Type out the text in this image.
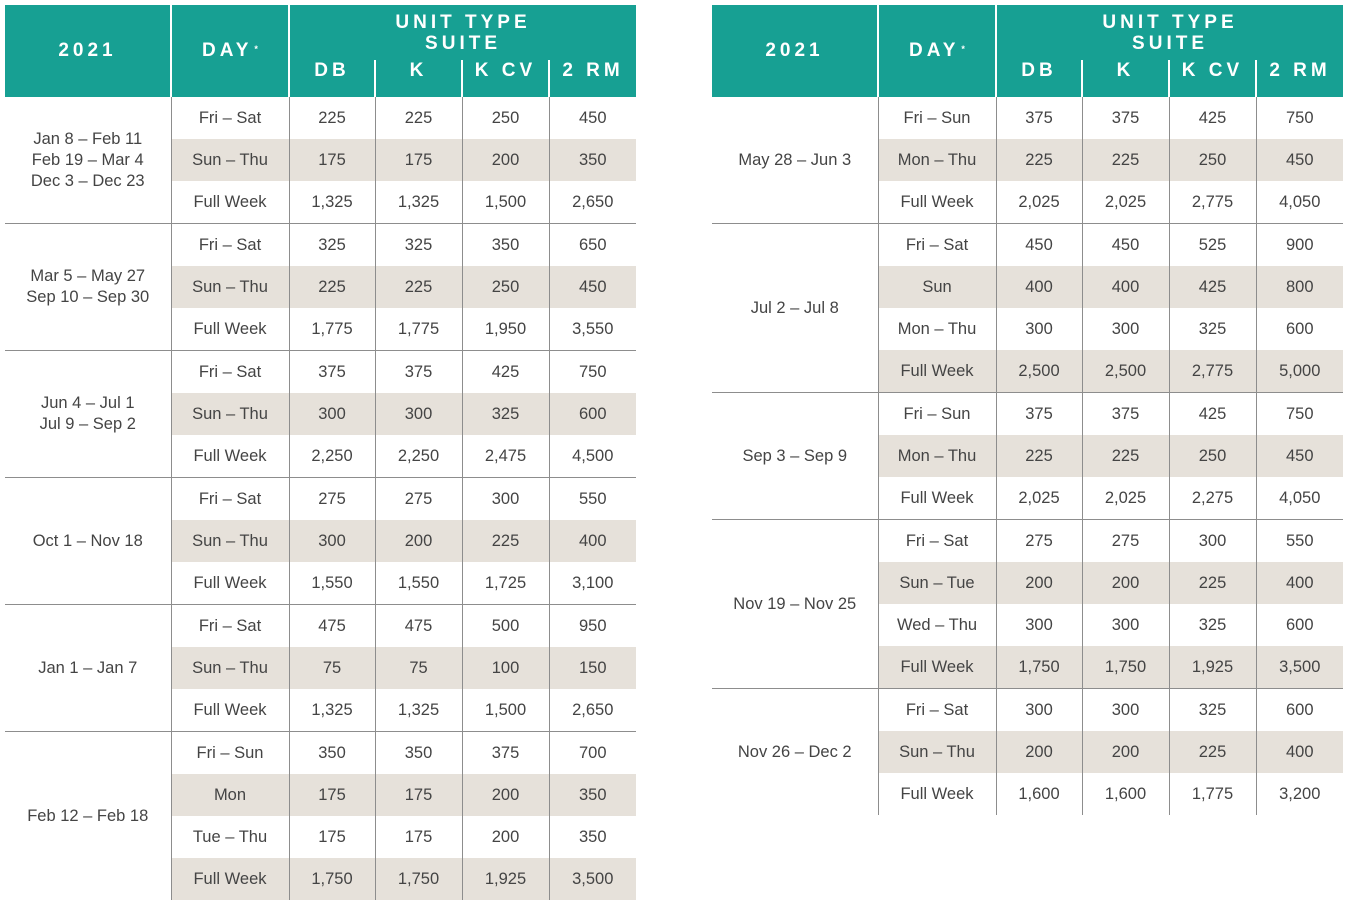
2021	DAY *	UNIT TYPE
SUITE			
		DB	K	K CV	2 RM
Jan 8 – Feb 11
Feb 19 – Mar 4
Dec 3 – Dec 23	Fri – Sat	225	225	250	450
	Sun – Thu	175	175	200	350
	Full Week	1,325	1,325	1,500	2,650
Mar 5 – May 27
Sep 10 – Sep 30	Fri – Sat	325	325	350	650
	Sun – Thu	225	225	250	450
	Full Week	1,775	1,775	1,950	3,550
Jun 4 – Jul 1
Jul 9 – Sep 2	Fri – Sat	375	375	425	750
	Sun – Thu	300	300	325	600
	Full Week	2,250	2,250	2,475	4,500
Oct 1 – Nov 18	Fri – Sat	275	275	300	550
	Sun – Thu	300	200	225	400
	Full Week	1,550	1,550	1,725	3,100
Jan 1 – Jan 7	Fri – Sat	475	475	500	950
	Sun – Thu	75	75	100	150
	Full Week	1,325	1,325	1,500	2,650
Feb 12 – Feb 18	Fri – Sun	350	350	375	700
	Mon	175	175	200	350
	Tue – Thu	175	175	200	350
	Full Week	1,750	1,750	1,925	3,500
2021	DAY *	UNIT TYPE
SUITE			
		DB	K	K CV	2 RM
May 28 – Jun 3	Fri – Sun	375	375	425	750
	Mon – Thu	225	225	250	450
	Full Week	2,025	2,025	2,775	4,050
Jul 2 – Jul 8	Fri – Sat	450	450	525	900
	Sun	400	400	425	800
	Mon – Thu	300	300	325	600
	Full Week	2,500	2,500	2,775	5,000
Sep 3 – Sep 9	Fri – Sun	375	375	425	750
	Mon – Thu	225	225	250	450
	Full Week	2,025	2,025	2,275	4,050
Nov 19 – Nov 25	Fri – Sat	275	275	300	550
	Sun – Tue	200	200	225	400
	Wed – Thu	300	300	325	600
	Full Week	1,750	1,750	1,925	3,500
Nov 26 – Dec 2	Fri – Sat	300	300	325	600
	Sun – Thu	200	200	225	400
	Full Week	1,600	1,600	1,775	3,200
